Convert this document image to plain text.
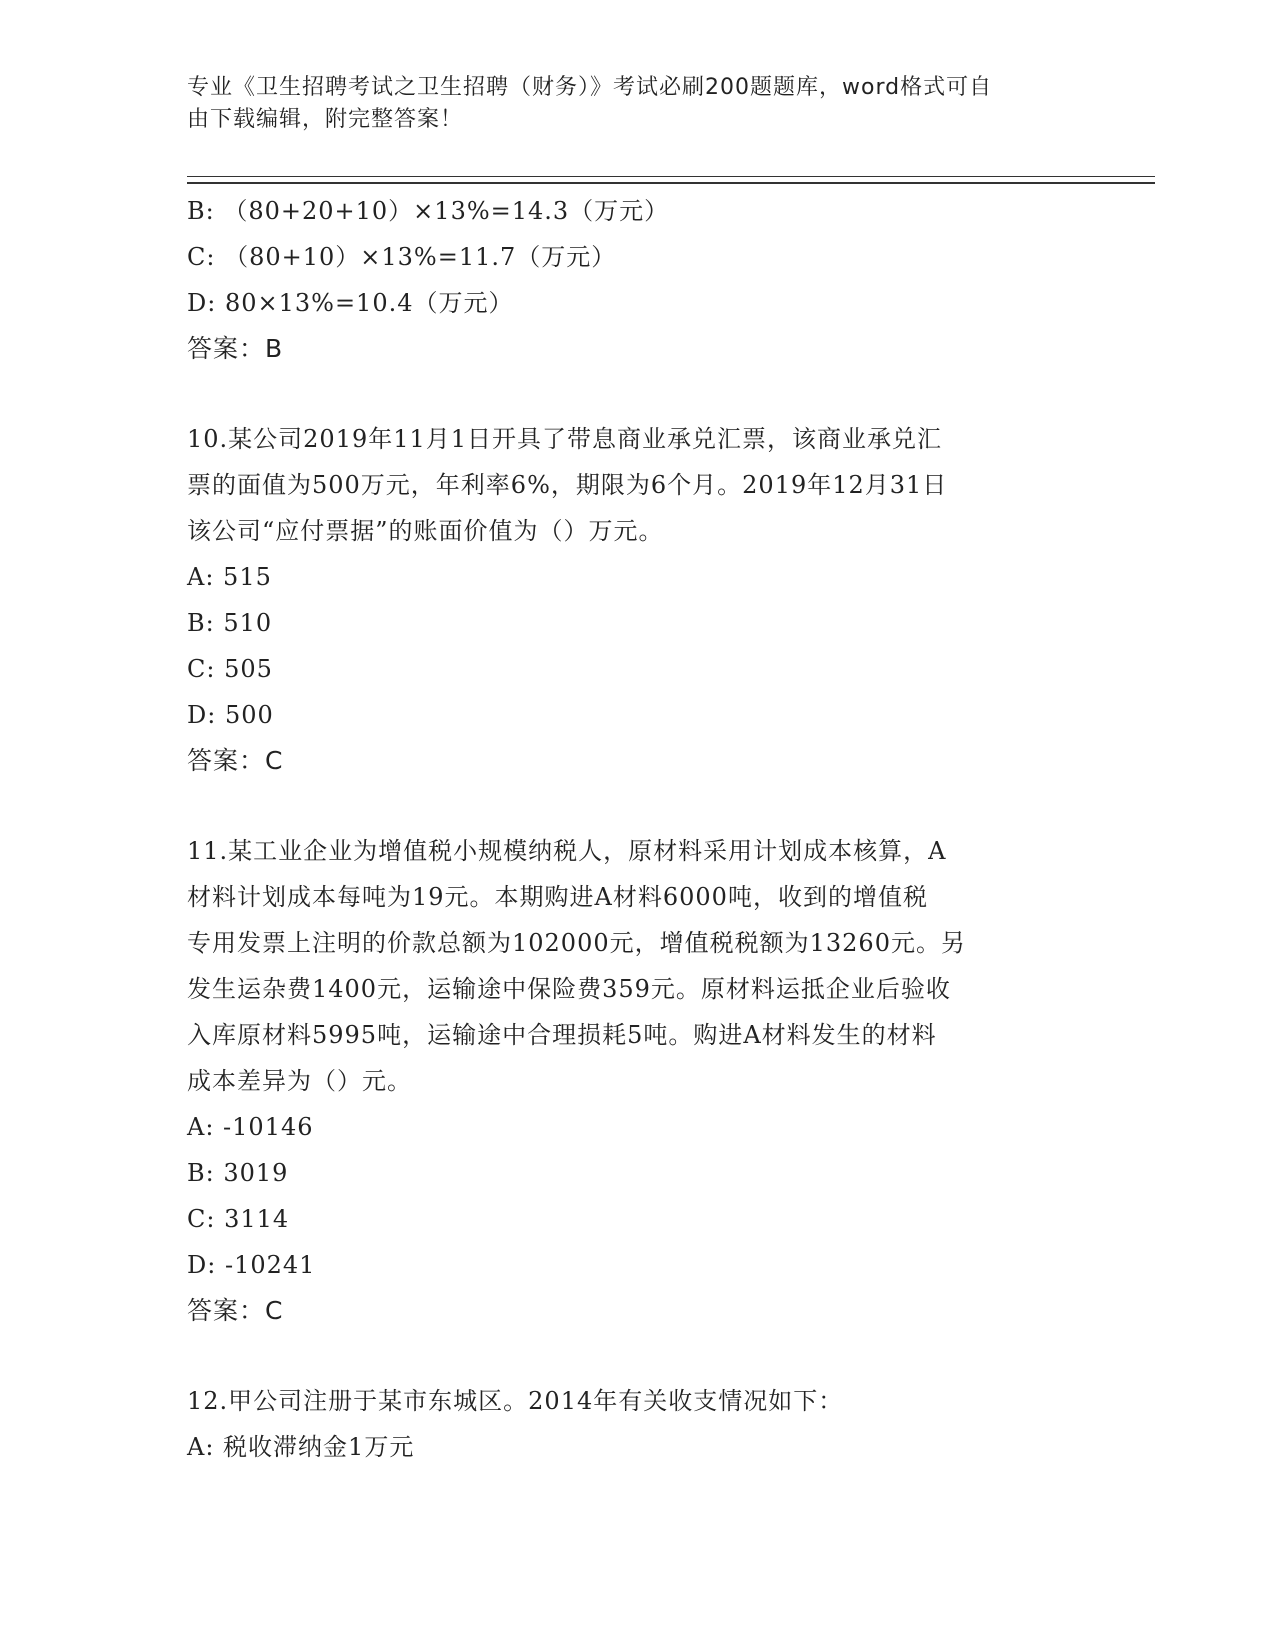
专业《卫生招聘考试之卫生招聘（财务）》考试必刷200题题库，word格式可自
由下载编辑，附完整答案！
B: （80+20+10）×13%=14.3（万元）
C: （80+10）×13%=11.7（万元）
D: 80×13%=10.4（万元）
答案：B
10.某公司2019年11月1日开具了带息商业承兑汇票，该商业承兑汇
票的面值为500万元，年利率6%，期限为6个月。2019年12月31日
该公司“应付票据”的账面价值为（）万元。
A: 515
B: 510
C: 505
D: 500
答案：C
11.某工业企业为增值税小规模纳税人，原材料采用计划成本核算，A
材料计划成本每吨为19元。本期购进A材料6000吨，收到的增值税
专用发票上注明的价款总额为102000元，增值税税额为13260元。另
发生运杂费1400元，运输途中保险费359元。原材料运抵企业后验收
入库原材料5995吨，运输途中合理损耗5吨。购进A材料发生的材料
成本差异为（）元。
A: -10146
B: 3019
C: 3114
D: -10241
答案：C
12.甲公司注册于某市东城区。2014年有关收支情况如下：
A: 税收滞纳金1万元
